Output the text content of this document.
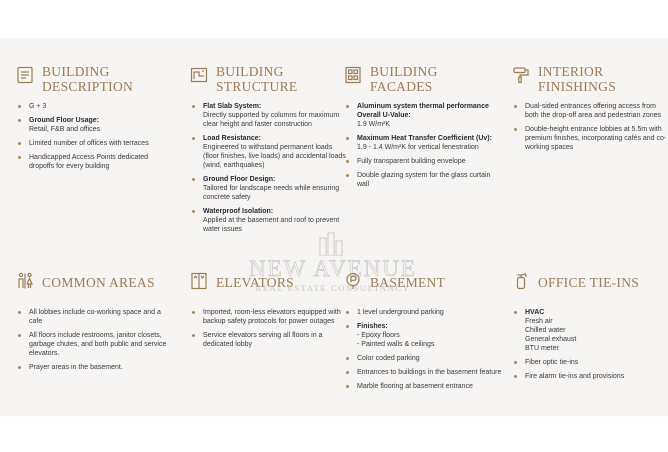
BUILDING DESCRIPTION
G + 3
Ground Floor Usage:
Retail, F&B and offices
Limited number of offices with terraces
Handicapped Access Points dedicated dropoffs for every building
BUILDING STRUCTURE
Flat Slab System:
Directly supported by columns for maximum clear height and faster construction
Load Resistance:
Engineered to withstand permanent loads (floor finishes, live loads) and accidental loads (wind, earthquakes)
Ground Floor Design:
Tailored for landscape needs while ensuring concrete safety
Waterproof Isolation:
Applied at the basement and roof to prevent water issues
BUILDING FACADES
Aluminum system thermal performance Overall U-Value:
1.9 W/m²K
Maximum Heat Transfer Coefficient (Uv):
1.9 - 1.4 W/m²K for vertical fenestration
Fully transparent building envelope
Double glazing system for the glass curtain wall
INTERIOR FINISHINGS
Dual-sided entrances offering access from both the drop-off area and pedestrian zones
Double-height entrance lobbies at 5.5m with premium finishes, incorporating cafés and co-working spaces
COMMON AREAS
All lobbies include co-working space and a cafe
All floors include restrooms, janitor closets, garbage chutes, and both public and service elevators.
Prayer areas in the basement.
ELEVATORS
Imported, room-less elevators equipped with backup safety protocols for power outages
Service elevators serving all floors in a dedicated lobby
BASEMENT
1 level underground parking
Finishes:
- Epoxy floors
- Painted walls & ceilings
Color coded parking
Entrances to buildings in the basement feature
Marble flooring at basement entrance
OFFICE TIE-INS
HVAC
Fresh air
Chilled water
General exhaust
BTU meter
Fiber optic tie-ins
Fire alarm tie-ins and provisions
NEW AVENUE
REAL ESTATE CONSULTANCY
